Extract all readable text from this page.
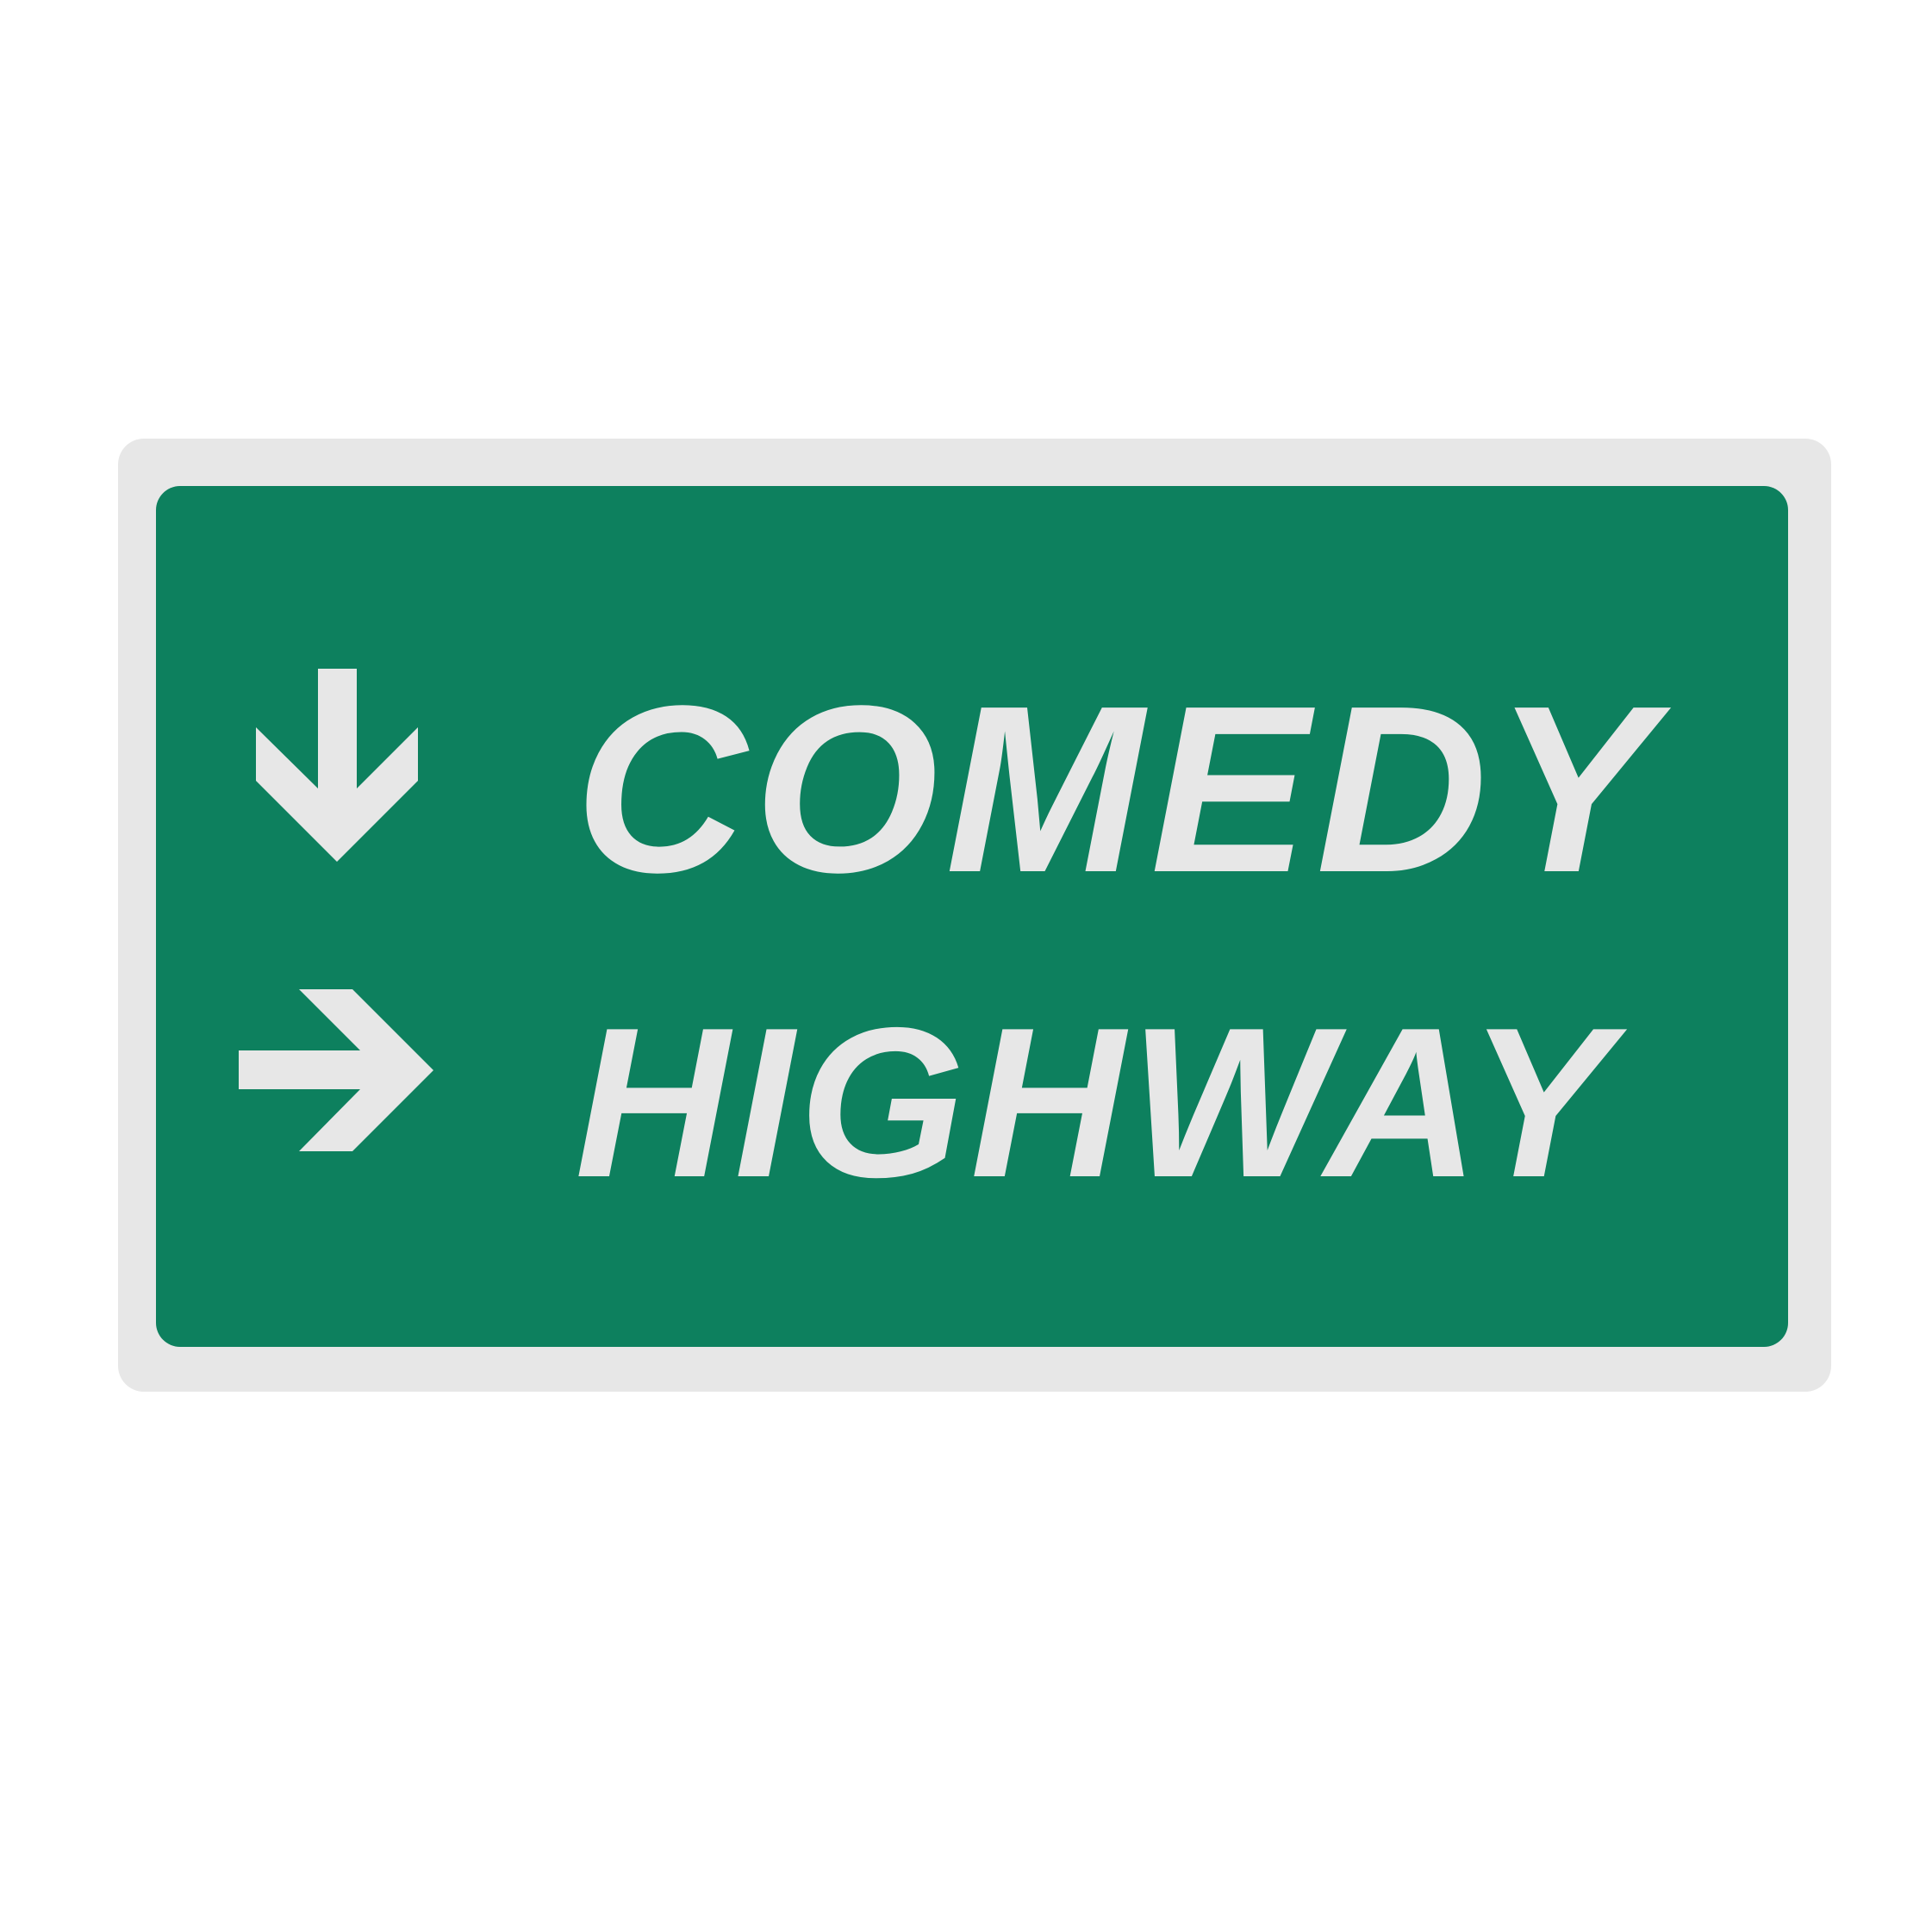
COMEDY
HIGHWAY
